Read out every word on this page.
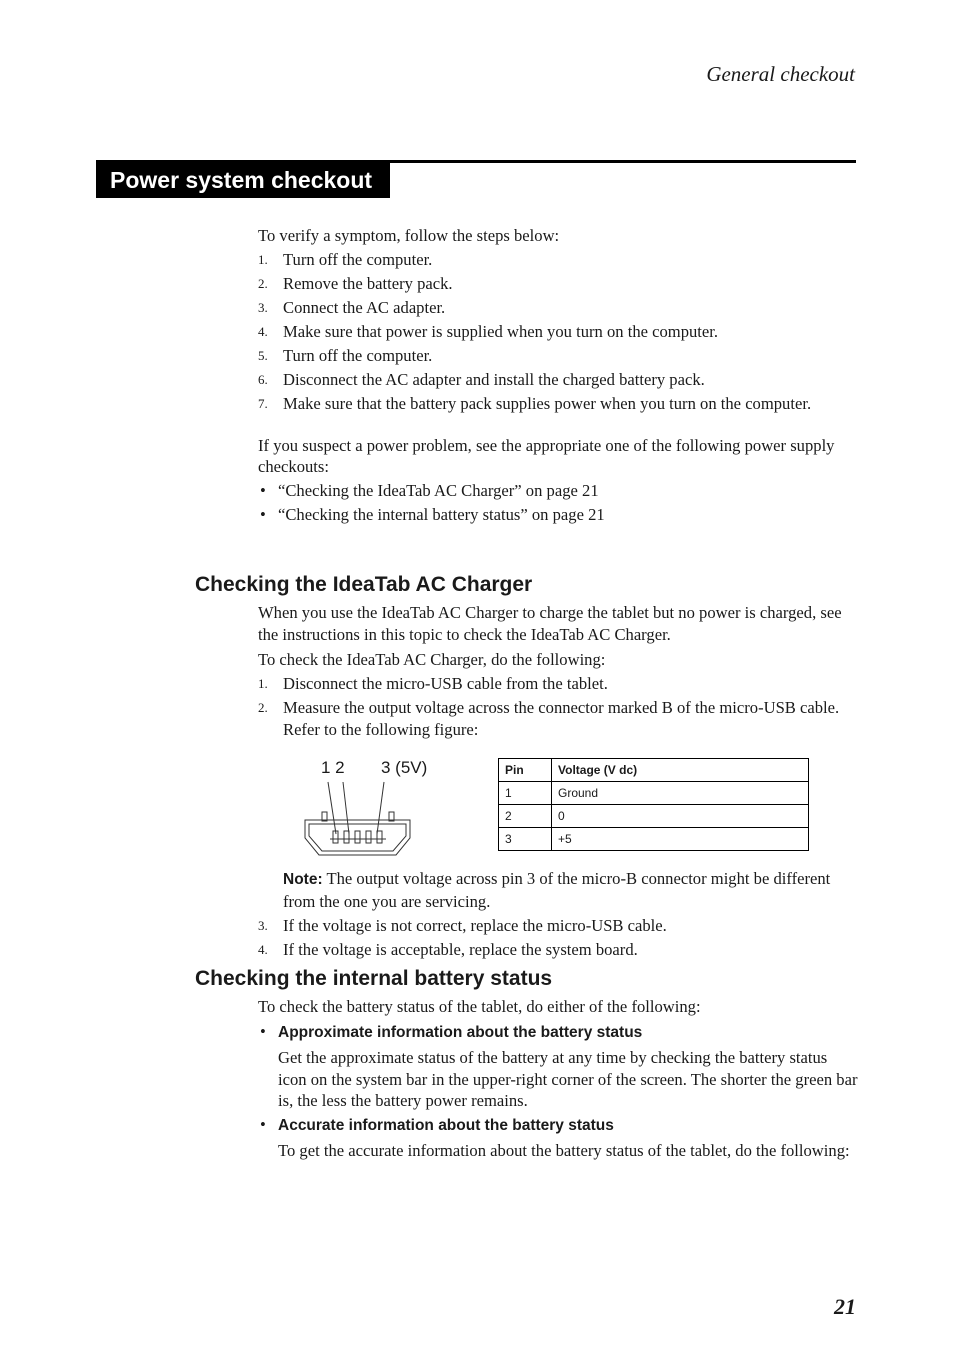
General checkout
Power system checkout

To verify a symptom, follow the steps below:

1. Turn off the computer.
2. Remove the battery pack.
3. Connect the AC adapter.
4. Make sure that power is supplied when you turn on the computer.
5. Turn off the computer.
6. Disconnect the AC adapter and install the charged battery pack.
7. Make sure that the battery pack supplies power when you turn on the computer.

If you suspect a power problem, see the appropriate one of the following power supply checkouts:

• “Checking the IdeaTab AC Charger” on page 21
• “Checking the internal battery status” on page 21
Checking the IdeaTab AC Charger

When you use the IdeaTab AC Charger to charge the tablet but no power is charged, see the instructions in this topic to check the IdeaTab AC Charger.

To check the IdeaTab AC Charger, do the following:

1. Disconnect the micro-USB cable from the tablet.
2. Measure the output voltage across the connector marked B of the micro-USB cable. Refer to the following figure:
1 2 3 (5V)	Pin	Voltage (V dc)
1	Ground
2	0
3	+5

Note: The output voltage across pin 3 of the micro-B connector might be different from the one you are servicing.

3. If the voltage is not correct, replace the micro-USB cable.
4. If the voltage is acceptable, replace the system board.
Checking the internal battery status

To check the battery status of the tablet, do either of the following:

• Approximate information about the battery status

Get the approximate status of the battery at any time by checking the battery status icon on the system bar in the upper-right corner of the screen. The shorter the green bar is, the less the battery power remains.

• Accurate information about the battery status

To get the accurate information about the battery status of the tablet, do the following:

21
